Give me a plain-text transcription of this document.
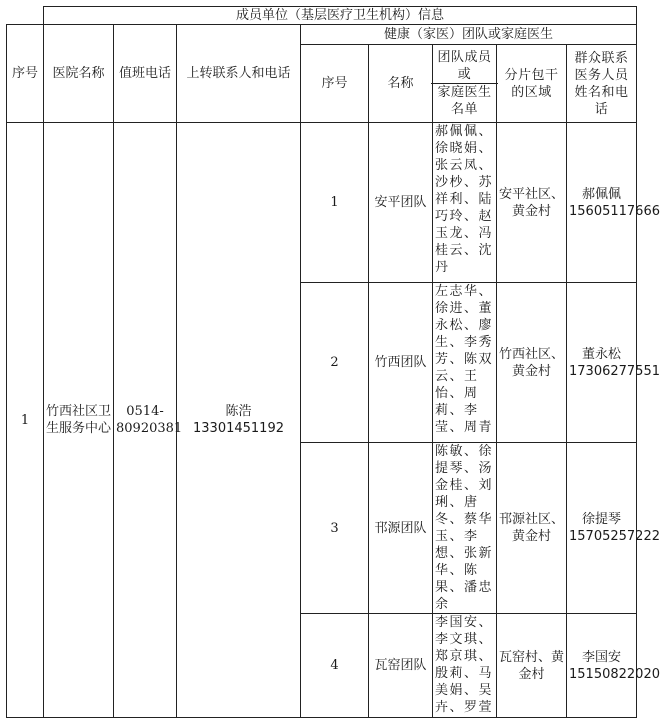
	成员单位（基层医疗卫生机构）信息							
序号	医院名称	值班电话	上转联系人和电话	健康（家医）团队或家庭医生				
				序号	名称	团队成员或
家庭医生名单	分片包干的区域	群众联系医务人员姓名和电话
1	竹西社区卫生服务中心	0514-80920381	陈浩 13301451192	1	安平团队	郝佩佩、徐晓娟、张云凤、沙杪、苏祥利、陆巧玲、赵玉龙、冯桂云、沈丹	安平社区、黄金村	郝佩佩 15605117666
				2	竹西团队	左志华、徐进、董永松、廖生、李秀芳、陈双云、王怡、周莉、李莹、周青	竹西社区、黄金村	董永松 17306277551
				3	邗源团队	陈敏、徐提琴、汤金桂、刘琍、唐冬、蔡华玉、李想、张新华、陈果、潘忠余	邗源社区、黄金村	徐提琴 15705257222
				4	瓦窑团队	李国安、李文琪、郑京琪、殷莉、马美娟、吴卉、罗萱	瓦窑村、黄金村	李国安 15150822020
